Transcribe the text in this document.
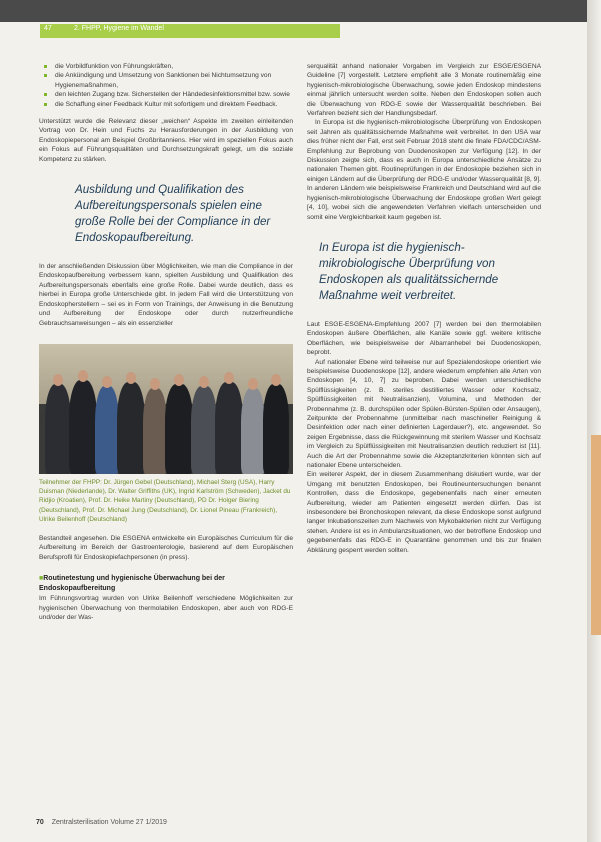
47	2. FHPP, Hygiene im Wandel
die Vorbildfunktion von Führungskräften,
die Ankündigung und Umsetzung von Sanktionen bei Nichtumsetzung von Hygienemaßnahmen,
den leichten Zugang bzw. Sicherstellen der Händedesinfektionsmittel bzw. sowie
die Schaffung einer Feedback Kultur mit sofortigem und direktem Feedback.

Unterstützt wurde die Relevanz dieser „weichen“ Aspekte im zweiten einleitenden Vortrag von Dr. Hein und Fuchs zu Herausforderungen in der Ausbildung von Endoskopiepersonal am Beispiel Großbritanniens. Hier wird im speziellen Fokus auch ein Fokus auf Führungsqualitäten und Durchsetzungskraft gelegt, um die soziale Kompetenz zu stärken.

Ausbildung und Qualifikation des Aufbereitungspersonals spielen eine große Rolle bei der Compliance in der Endoskopaufbereitung.

In der anschließenden Diskussion über Möglichkeiten, wie man die Compliance in der Endoskopaufbereitung verbessern kann, spielten Ausbildung und Qualifikation des Aufbereitungspersonals ebenfalls eine große Rolle. Dabei wurde deutlich, dass es hierbei in Europa große Unterschiede gibt. In jedem Fall wird die Unterstützung von Endoskopherstellern – sei es in Form von Trainings, der Anweisung in die Benutzung und Aufbereitung der Endoskope oder durch nutzerfreundliche Gebrauchsanweisungen – als ein essenzieller

Teilnehmer der FHPP: Dr. Jürgen Gebel (Deutschland), Michael Sterg (USA), Harry Duisman (Niederlande), Dr. Walter Griffiths (UK), Ingrid Karlström (Schweden), Jacket du Ridjio (Kroatien), Prof. Dr. Heike Martiny (Deutschland), PD Dr. Holger Biering (Deutschland), Prof. Dr. Michael Jung (Deutschland), Dr. Lionel Pineau (Frankreich), Ulrike Beilenhoff (Deutschland)

Bestandteil angesehen. Die ESGENA entwickelte ein Europäisches Curriculum für die Aufbereitung im Bereich der Gastroenterologie, basierend auf dem Europäischen Berufsprofil für Endoskopiefachpersonen (in press).

■ Routinetestung und hygienische Überwachung bei der Endoskopaufbereitung

Im Führungsvortrag wurden von Ulrike Beilenhoff verschiedene Möglichkeiten zur hygienischen Überwachung von thermolabilen Endoskopen, aber auch von RDG-E und/oder der Was-

serqualität anhand nationaler Vorgaben im Vergleich zur ESGE/ESGENA Guideline [7] vorgestellt. Letztere empfiehlt alle 3 Monate routinemäßig eine hygienisch-mikrobiologische Überwachung, sowie jeden Endoskop mindestens einmal jährlich untersucht werden sollte. Neben den Endoskopen sollen auch die Überwachung von RDG-E sowie der Wasserqualität beschrieben. Bei Verfahren bezieht sich der Handlungsbedarf.

In Europa ist die hygienisch-mikrobiologische Überprüfung von Endoskopen seit Jahren als qualitätssichernde Maßnahme weit verbreitet. In den USA war dies früher nicht der Fall, erst seit Februar 2018 steht die finale FDA/CDC/ASM-Empfehlung zur Beprobung von Duodenoskopen zur Verfügung [12]. In der Diskussion zeigte sich, dass es auch in Europa unterschiedliche Ansätze zu nationalen Themen gibt. Routineprüfungen in der Endoskopie beziehen sich in einigen Ländern auf die Überprüfung der RDG-E und/oder Wasserqualität [8, 9]. In anderen Ländern wie beispielsweise Frankreich und Deutschland wird auf die hygienisch-mikrobiologische Überwachung der Endoskope großen Wert gelegt [4, 10], wobei sich die angewendeten Verfahren vielfach unterscheiden und somit eine Vergleichbarkeit kaum gegeben ist.

In Europa ist die hygienisch-mikrobiologische Überprüfung von Endoskopen als qualitätssichernde Maßnahme weit verbreitet.

Laut ESGE-ESGENA-Empfehlung 2007 [7] werden bei den thermolabilen Endoskopen äußere Oberflächen, alle Kanäle sowie ggf. weitere kritische Oberflächen, wie beispielsweise der Albarranhebel bei Duodenoskopen, beprobt.

Auf nationaler Ebene wird teilweise nur auf Spezialendoskope orientiert wie beispielsweise Duodenoskope [12], andere wiederum empfehlen alle Arten von Endoskopen [4, 10, 7] zu beproben. Dabei werden unterschiedliche Spülflüssigkeiten (z. B. steriles destilliertes Wasser oder Kochsalz, Spülflüssigkeiten mit Neutralisanzien), Volumina, und Methoden der Probennahme (z. B. durchspülen oder Spülen-Bürsten-Spülen oder Ansaugen), Zeitpunkte der Probennahme (unmittelbar nach maschineller Reinigung & Desinfektion oder nach einer definierten Lagerdauer?), etc. angewendet. So zeigen Ergebnisse, dass die Rückgewinnung mit sterilem Wasser und Kochsalz im Vergleich zu Spülflüssigkeiten mit Neutralisanzien deutlich reduziert ist [11]. Auch die Art der Probennahme sowie die Akzeptanzkriterien könnten sich auf nationaler Ebene unterscheiden.

Ein weiterer Aspekt, der in diesem Zusammenhang diskutiert wurde, war der Umgang mit benutzten Endoskopen, bei Routineuntersuchungen benannt Kontrollen, dass die Endoskope, gegebenenfalls nach einer erneuten Aufbereitung, wieder am Patienten eingesetzt werden dürfen. Das ist insbesondere bei Bronchoskopen relevant, da diese Endoskope sonst aufgrund langer Inkubationszeiten zum Nachweis von Mykobakterien nicht zur Verfügung stehen. Andere ist es in Ambulanzsituationen, wo der betroffene Endoskop und gegebenenfalls das RDG-E in Quarantäne genommen und bis zur finalen Abklärung gesperrt werden sollten.

70 Zentralsterilisation Volume 27 1/2019
